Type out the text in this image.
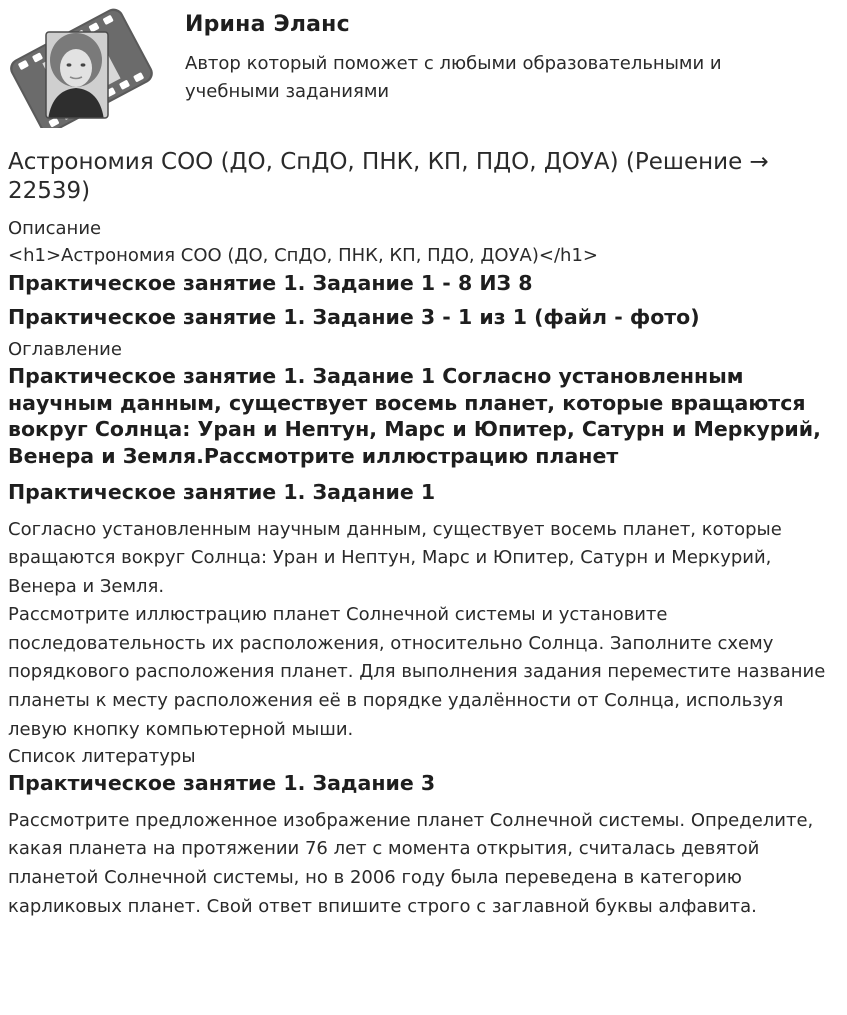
Ирина Эланс
Автор который поможет с любыми образовательными и учебными заданиями
Астрономия СОО (ДО, СпДО, ПНК, КП, ПДО, ДОУА) (Решение → 22539)
Описание
<h1>Астрономия СОО (ДО, СпДО, ПНК, КП, ПДО, ДОУА)</h1>
Практическое занятие 1. Задание 1 - 8 ИЗ 8
Практическое занятие 1. Задание 3 - 1 из 1 (файл - фото)
Оглавление
Практическое занятие 1. Задание 1 Согласно установленным научным данным, существует восемь планет, которые вращаются вокруг Солнца: Уран и Нептун, Марс и Юпитер, Сатурн и Меркурий, Венера и Земля.Рассмотрите иллюстрацию планет
Практическое занятие 1. Задание 1

Согласно установленным научным данным, существует восемь планет, которые вращаются вокруг Солнца: Уран и Нептун, Марс и Юпитер, Сатурн и Меркурий, Венера и Земля.

Рассмотрите иллюстрацию планет Солнечной системы и установите последовательность их расположения, относительно Солнца. Заполните схему порядкового расположения планет. Для выполнения задания переместите название планеты к месту расположения её в порядке удалённости от Солнца, используя левую кнопку компьютерной мыши.

Список литературы
Практическое занятие 1. Задание 3

Рассмотрите предложенное изображение планет Солнечной системы. Определите, какая планета на протяжении 76 лет с момента открытия, считалась девятой планетой Солнечной системы, но в 2006 году была переведена в категорию карликовых планет. Свой ответ впишите строго с заглавной буквы алфавита.
